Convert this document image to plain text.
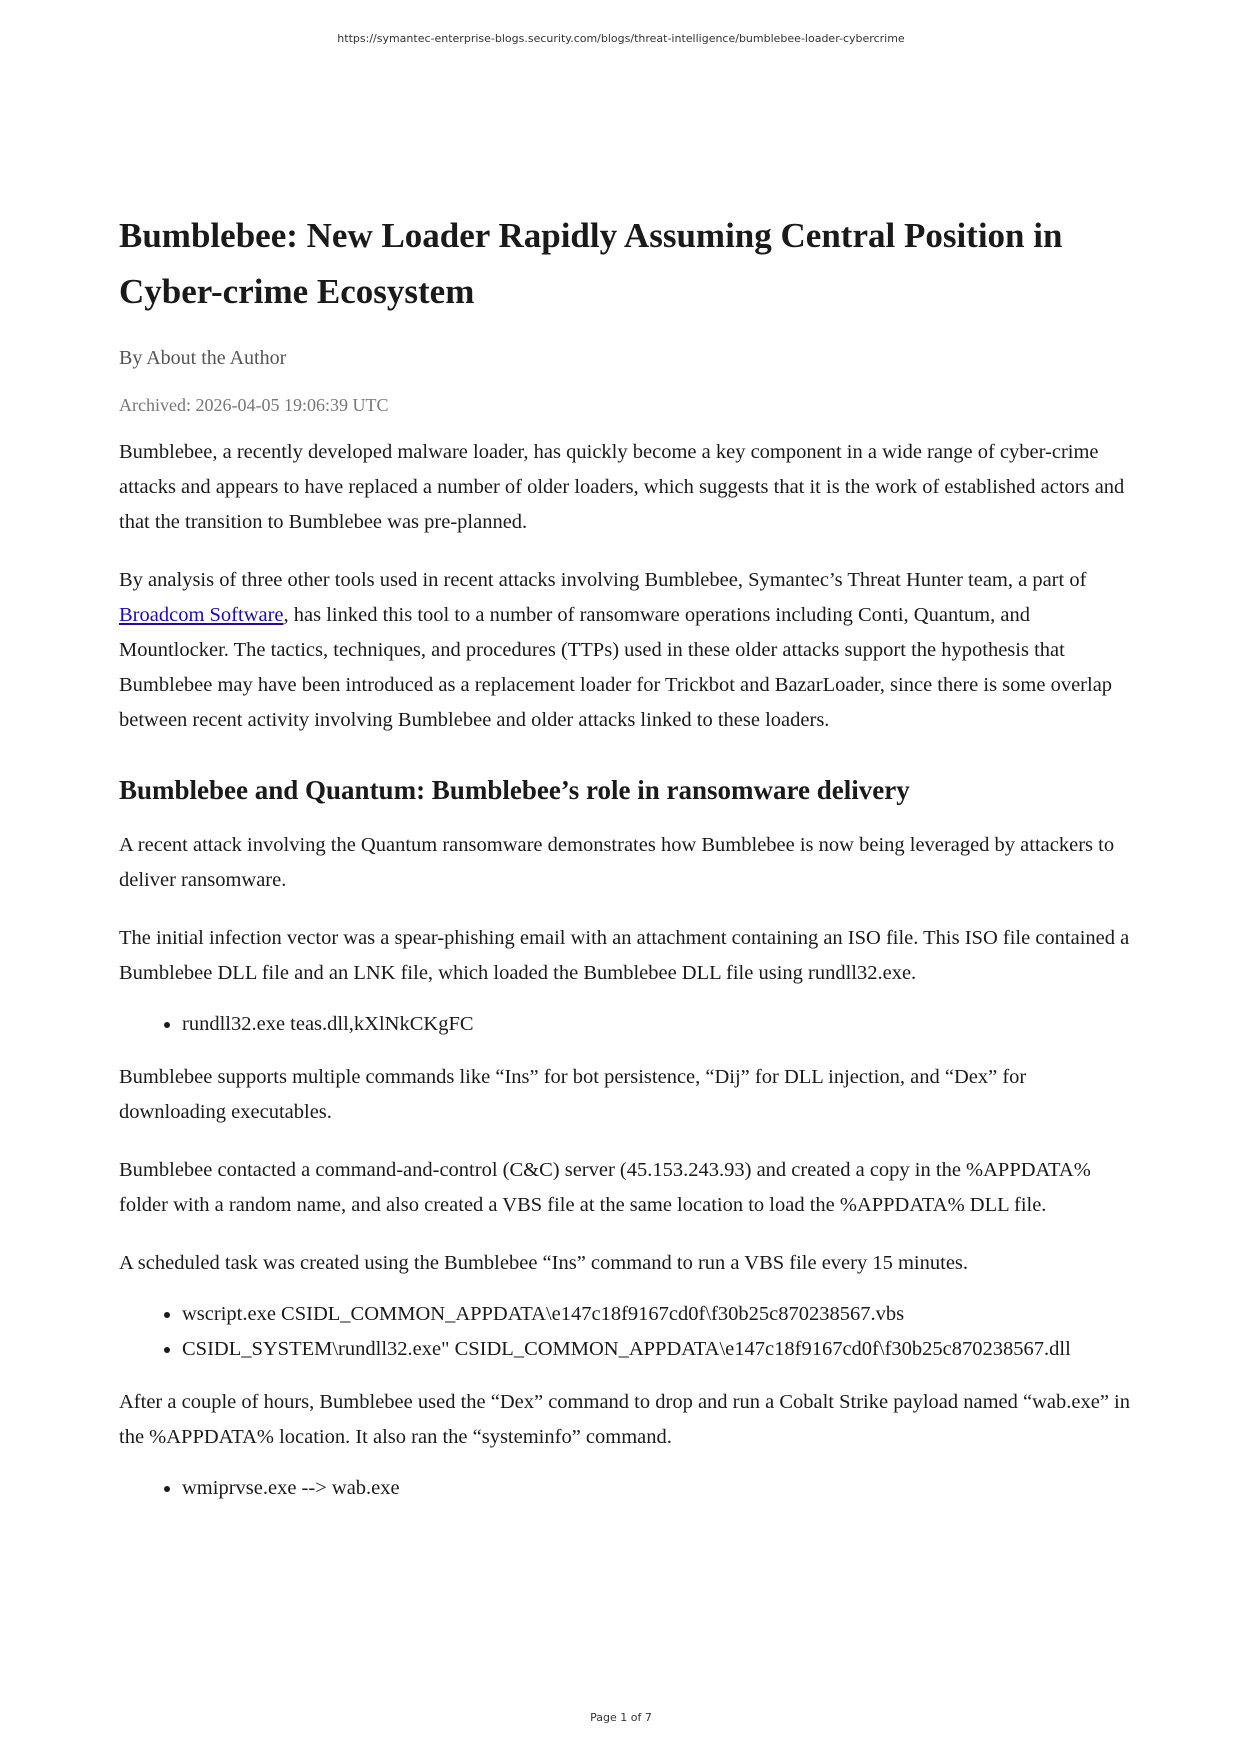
https://symantec-enterprise-blogs.security.com/blogs/threat-intelligence/bumblebee-loader-cybercrime
Bumblebee: New Loader Rapidly Assuming Central Position in Cyber-crime Ecosystem
By About the Author
Archived: 2026-04-05 19:06:39 UTC

Bumblebee, a recently developed malware loader, has quickly become a key component in a wide range of cyber-crime attacks and appears to have replaced a number of older loaders, which suggests that it is the work of established actors and that the transition to Bumblebee was pre-planned.

By analysis of three other tools used in recent attacks involving Bumblebee, Symantec’s Threat Hunter team, a part of Broadcom Software, has linked this tool to a number of ransomware operations including Conti, Quantum, and Mountlocker. The tactics, techniques, and procedures (TTPs) used in these older attacks support the hypothesis that Bumblebee may have been introduced as a replacement loader for Trickbot and BazarLoader, since there is some overlap between recent activity involving Bumblebee and older attacks linked to these loaders.

Bumblebee and Quantum: Bumblebee’s role in ransomware delivery

A recent attack involving the Quantum ransomware demonstrates how Bumblebee is now being leveraged by attackers to deliver ransomware.

The initial infection vector was a spear-phishing email with an attachment containing an ISO file. This ISO file contained a Bumblebee DLL file and an LNK file, which loaded the Bumblebee DLL file using rundll32.exe.

• rundll32.exe teas.dll,kXlNkCKgFC

Bumblebee supports multiple commands like “Ins” for bot persistence, “Dij” for DLL injection, and “Dex” for downloading executables.

Bumblebee contacted a command-and-control (C&C) server (45.153.243.93) and created a copy in the %APPDATA% folder with a random name, and also created a VBS file at the same location to load the %APPDATA% DLL file.

A scheduled task was created using the Bumblebee “Ins” command to run a VBS file every 15 minutes.

• wscript.exe CSIDL_COMMON_APPDATA\e147c18f9167cd0f\f30b25c870238567.vbs
• CSIDL_SYSTEM\rundll32.exe" CSIDL_COMMON_APPDATA\e147c18f9167cd0f\f30b25c870238567.dll

After a couple of hours, Bumblebee used the “Dex” command to drop and run a Cobalt Strike payload named “wab.exe” in the %APPDATA% location. It also ran the “systeminfo” command.

• wmiprvse.exe --> wab.exe
Page 1 of 7
